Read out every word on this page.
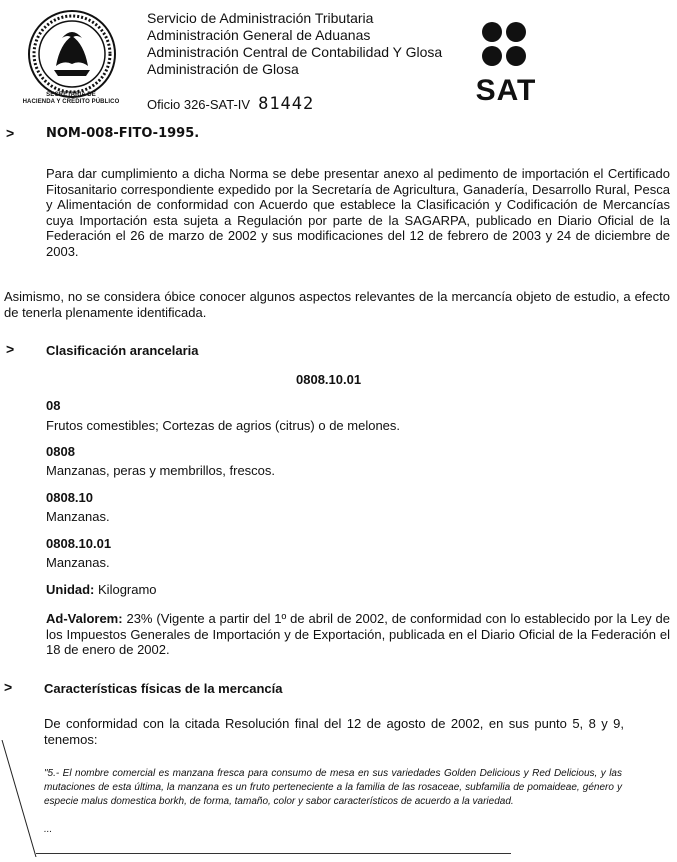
SECRETARIA DE
HACIENDA Y CRÉDITO PÚBLICO
Servicio de Administración Tributaria
Administración General de Aduanas
Administración Central de Contabilidad Y Glosa
Administración de Glosa
Oficio 326-SAT-IV 81442	SAT
> NOM-008-FITO-1995.
Para dar cumplimiento a dicha Norma se debe presentar anexo al pedimento de importación el Certificado Fitosanitario correspondiente expedido por la Secretaría de Agricultura, Ganadería, Desarrollo Rural, Pesca y Alimentación de conformidad con Acuerdo que establece la Clasificación y Codificación de Mercancías cuya Importación esta sujeta a Regulación por parte de la SAGARPA, publicado en Diario Oficial de la Federación el 26 de marzo de 2002 y sus modificaciones del 12 de febrero de 2003 y 24 de diciembre de 2003.
Asimismo, no se considera óbice conocer algunos aspectos relevantes de la mercancía objeto de estudio, a efecto de tenerla plenamente identificada.
> Clasificación arancelaria
0808.10.01
08
Frutos comestibles; Cortezas de agrios (citrus) o de melones.
0808
Manzanas, peras y membrillos, frescos.
0808.10
Manzanas.
0808.10.01
Manzanas.
Unidad: Kilogramo
Ad-Valorem: 23% (Vigente a partir del 1º de abril de 2002, de conformidad con lo establecido por la Ley de los Impuestos Generales de Importación y de Exportación, publicada en el Diario Oficial de la Federación el 18 de enero de 2002.
> Características físicas de la mercancía
De conformidad con la citada Resolución final del 12 de agosto de 2002, en sus punto 5, 8 y 9, tenemos:
"5.- El nombre comercial es manzana fresca para consumo de mesa en sus variedades Golden Delicious y Red Delicious, y las mutaciones de esta última, la manzana es un fruto perteneciente a la familia de las rosaceae, subfamilia de pomaideae, género y especie malus domestica borkh, de forma, tamaño, color y sabor característicos de acuerdo a la variedad.
...
